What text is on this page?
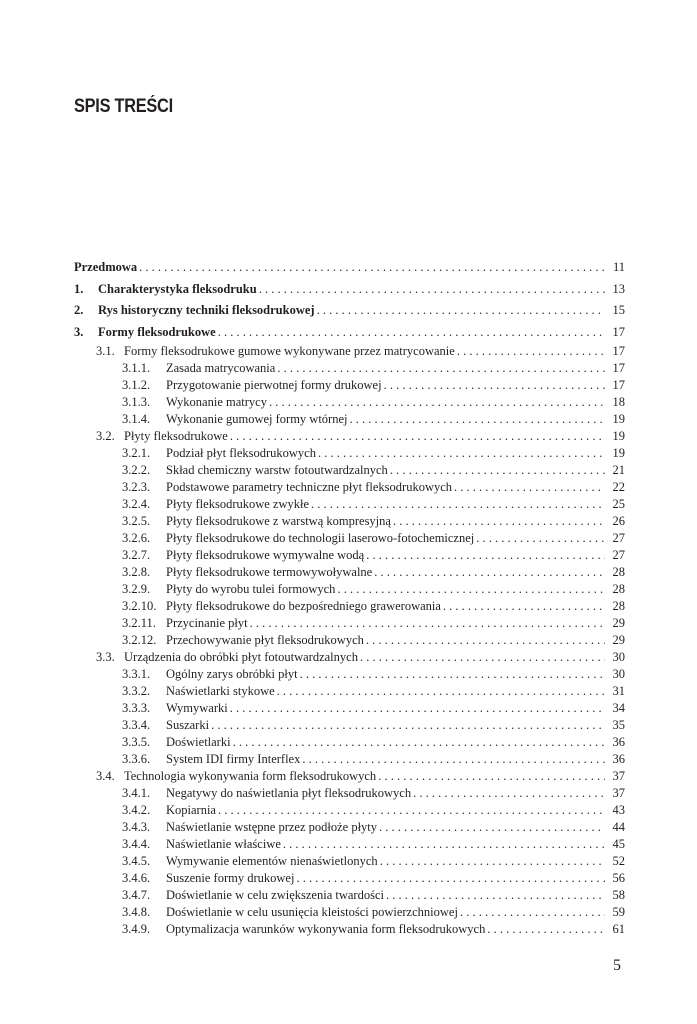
SPIS TREŚCI
Przedmowa . . .	11
1.	Charakterystyka fleksodruku . . .	13
2.	Rys historyczny techniki fleksodrukowej . . .	15
3.	Formy fleksodrukowe . . .	17
3.1. Formy fleksodrukowe gumowe wykonywane przez matrycowanie . . .	17
3.1.1.	Zasada matrycowania . . .	17
3.1.2.	Przygotowanie pierwotnej formy drukowej . . .	17
3.1.3.	Wykonanie matrycy . . .	18
3.1.4.	Wykonanie gumowej formy wtórnej . . .	19
3.2. Płyty fleksodrukowe . . .	19
3.2.1.	Podział płyt fleksodrukowych . . .	19
3.2.2.	Skład chemiczny warstw fotoutwardzalnych . . .	21
3.2.3.	Podstawowe parametry techniczne płyt fleksodrukowych . . .	22
3.2.4.	Płyty fleksodrukowe zwykłe . . .	25
3.2.5.	Płyty fleksodrukowe z warstwą kompresyjną . . .	26
3.2.6.	Płyty fleksodrukowe do technologii laserowo-fotochemicznej . . .	27
3.2.7.	Płyty fleksodrukowe wymywalne wodą . . .	27
3.2.8.	Płyty fleksodrukowe termowywoływalne . . .	28
3.2.9.	Płyty do wyrobu tulei formowych . . .	28
3.2.10. Płyty fleksodrukowe do bezpośredniego grawerowania . . .	28
3.2.11. Przycinanie płyt . . .	29
3.2.12. Przechowywanie płyt fleksodrukowych . . .	29
3.3. Urządzenia do obróbki płyt fotoutwardzalnych . . .	30
3.3.1.	Ogólny zarys obróbki płyt . . .	30
3.3.2.	Naświetlarki stykowe . . .	31
3.3.3.	Wymywarki . . .	34
3.3.4.	Suszarki . . .	35
3.3.5.	Doświetlarki . . .	36
3.3.6.	System IDI firmy Interflex . . .	36
3.4. Technologia wykonywania form fleksodrukowych . . .	37
3.4.1.	Negatywy do naświetlania płyt fleksodrukowych . . .	37
3.4.2.	Kopiarnia . . .	43
3.4.3.	Naświetlanie wstępne przez podłoże płyty . . .	44
3.4.4.	Naświetlanie właściwe . . .	45
3.4.5.	Wymywanie elementów nienaświetlonych . . .	52
3.4.6.	Suszenie formy drukowej . . .	56
3.4.7.	Doświetlanie w celu zwiększenia twardości . . .	58
3.4.8.	Doświetlanie w celu usunięcia kleistości powierzchniowej . . .	59
3.4.9.	Optymalizacja warunków wykonywania form fleksodrukowych . . .	61
5
